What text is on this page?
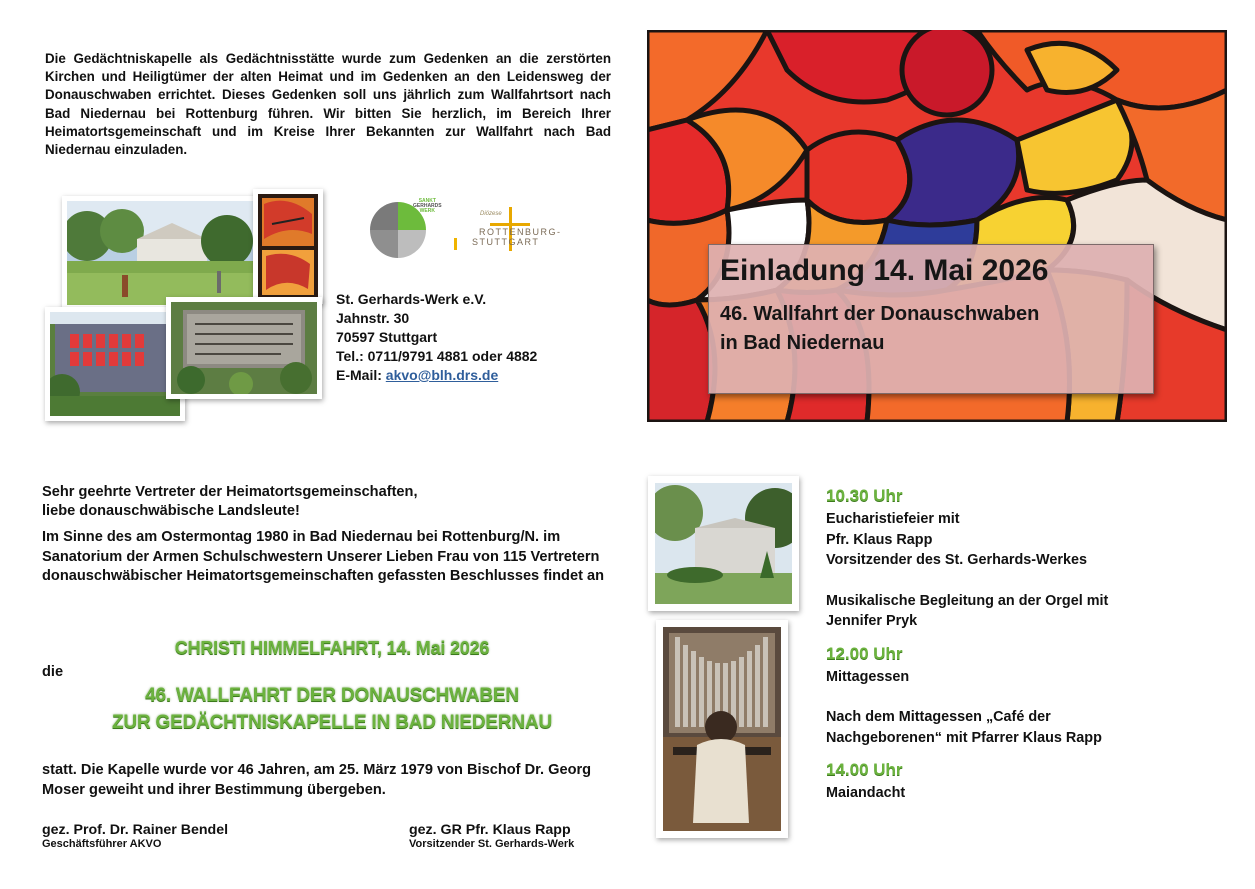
Die Gedächtniskapelle als Gedächtnisstätte wurde zum Gedenken an die zerstörten Kirchen und Heiligtümer der alten Heimat und im Gedenken an den Leidensweg der Donauschwaben errichtet. Dieses Gedenken soll uns jährlich zum Wallfahrtsort nach Bad Niedernau bei Rottenburg führen. Wir bitten Sie herzlich, im Bereich Ihrer Heimatortsgemeinschaft und im Kreise Ihrer Bekannten zur Wallfahrt nach Bad Niedernau einzuladen.

SANKT
GERHARDS
WERK	Diözese
ROTTENBURG-
STUTTGART
St. Gerhards-Werk e.V.
Jahnstr. 30
70597 Stuttgart
Tel.: 0711/9791 4881 oder 4882
E-Mail: akvo@blh.drs.de
Einladung 14. Mai 2026
46. Wallfahrt der Donauschwaben
in Bad Niedernau

Sehr geehrte Vertreter der Heimatortsgemeinschaften,

liebe donauschwäbische Landsleute!

Im Sinne des am Ostermontag 1980 in Bad Niedernau bei Rottenburg/N. im Sanatorium der Armen Schulschwestern Unserer Lieben Frau von 115 Vertretern donauschwäbischer Heimatortsgemeinschaften gefassten Beschlusses findet an

CHRISTI HIMMELFAHRT, 14. Mai 2026
die
46. WALLFAHRT DER DONAUSCHWABEN
ZUR GEDÄCHTNISKAPELLE IN BAD NIEDERNAU
statt. Die Kapelle wurde vor 46 Jahren, am 25. März 1979 von Bischof Dr. Georg Moser geweiht und ihrer Bestimmung übergeben.
gez. Prof. Dr. Rainer Bendel
Geschäftsführer AKVO
gez. GR Pfr. Klaus Rapp
Vorsitzender St. Gerhards-Werk
10.30 Uhr
Eucharistiefeier mit
Pfr. Klaus Rapp
Vorsitzender des St. Gerhards-Werkes
Musikalische Begleitung an der Orgel mit
Jennifer Pryk
12.00 Uhr
Mittagessen
Nach dem Mittagessen „Café der
Nachgeborenen“ mit Pfarrer Klaus Rapp
14.00 Uhr
Maiandacht
